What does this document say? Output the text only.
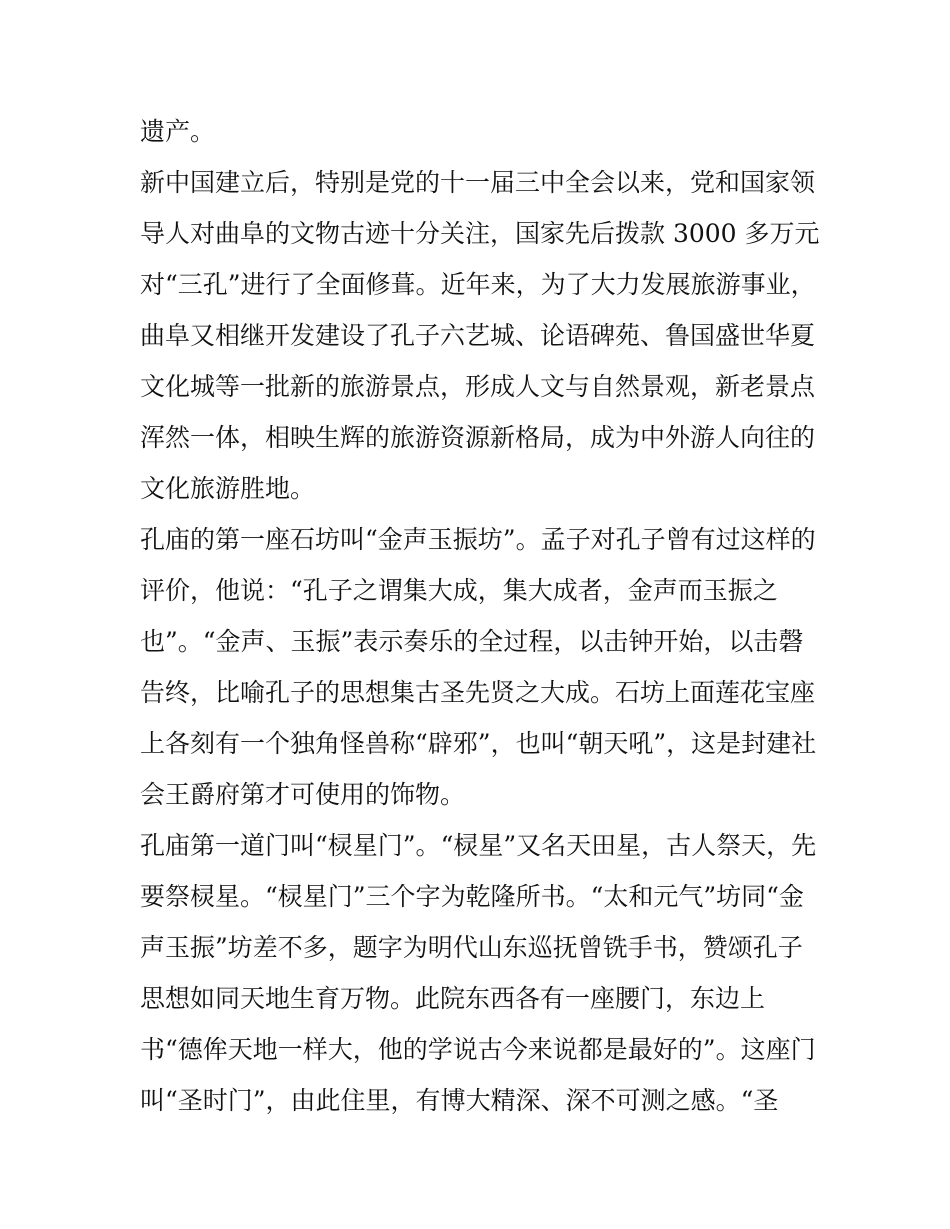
遗产。
新中国建立后，特别是党的十一届三中全会以来，党和国家领
导人对曲阜的文物古迹十分关注，国家先后拨款 3000 多万元
对“三孔”进行了全面修葺。近年来，为了大力发展旅游事业，
曲阜又相继开发建设了孔子六艺城、论语碑苑、鲁国盛世华夏
文化城等一批新的旅游景点，形成人文与自然景观，新老景点
浑然一体，相映生辉的旅游资源新格局，成为中外游人向往的
文化旅游胜地。
孔庙的第一座石坊叫“金声玉振坊”。孟子对孔子曾有过这样的
评价，他说：“孔子之谓集大成，集大成者，金声而玉振之
也”。“金声、玉振”表示奏乐的全过程，以击钟开始，以击磬
告终，比喻孔子的思想集古圣先贤之大成。石坊上面莲花宝座
上各刻有一个独角怪兽称“辟邪”，也叫“朝天吼”，这是封建社
会王爵府第才可使用的饰物。
孔庙第一道门叫“棂星门”。“棂星”又名天田星，古人祭天，先
要祭棂星。“棂星门”三个字为乾隆所书。“太和元气”坊同“金
声玉振”坊差不多，题字为明代山东巡抚曾铣手书，赞颂孔子
思想如同天地生育万物。此院东西各有一座腰门，东边上
书“德侔天地一样大，他的学说古今来说都是最好的”。这座门
叫“圣时门”，由此住里，有博大精深、深不可测之感。“圣
